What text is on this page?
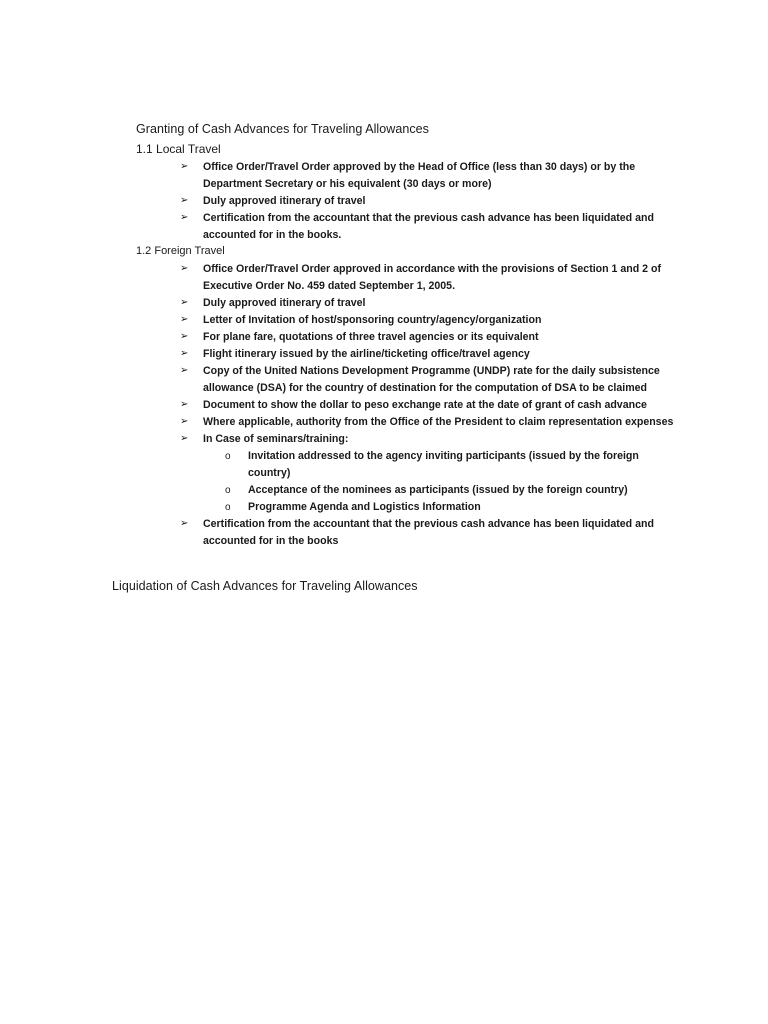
Granting of Cash Advances for Traveling Allowances
1.1 Local Travel
➢ Office Order/Travel Order approved by the Head of Office (less than 30 days) or by the Department Secretary or his equivalent (30 days or more)
➢ Duly approved itinerary of travel
➢ Certification from the accountant that the previous cash advance has been liquidated and accounted for in the books.
1.2 Foreign Travel
➢ Office Order/Travel Order approved in accordance with the provisions of Section 1 and 2 of Executive Order No. 459 dated September 1, 2005.
➢ Duly approved itinerary of travel
➢ Letter of Invitation of host/sponsoring country/agency/organization
➢ For plane fare, quotations of three travel agencies or its equivalent
➢ Flight itinerary issued by the airline/ticketing office/travel agency
➢ Copy of the United Nations Development Programme (UNDP) rate for the daily subsistence allowance (DSA) for the country of destination for the computation of DSA to be claimed
➢ Document to show the dollar to peso exchange rate at the date of grant of cash advance
➢ Where applicable, authority from the Office of the President to claim representation expenses
➢ In Case of seminars/training:
o Invitation addressed to the agency inviting participants (issued by the foreign country)
o Acceptance of the nominees as participants (issued by the foreign country)
o Programme Agenda and Logistics Information
➢ Certification from the accountant that the previous cash advance has been liquidated and accounted for in the books
Liquidation of Cash Advances for Traveling Allowances
